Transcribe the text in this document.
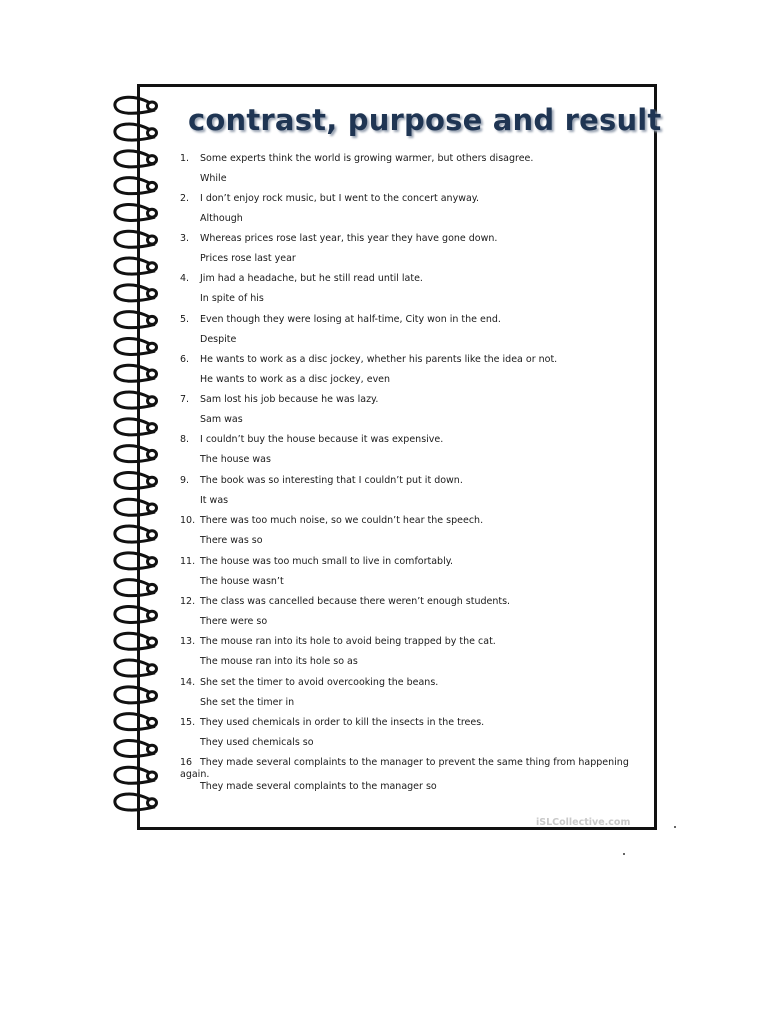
contrast, purpose and result
1. Some experts think the world is growing warmer, but others disagree.
While
2. I don’t enjoy rock music, but I went to the concert anyway.
Although
3. Whereas prices rose last year, this year they have gone down.
Prices rose last year
4. Jim had a headache, but he still read until late.
In spite of his
5. Even though they were losing at half-time, City won in the end.
Despite
6. He wants to work as a disc jockey, whether his parents like the idea or not.
He wants to work as a disc jockey, even
7. Sam lost his job because he was lazy.
Sam was
8. I couldn’t buy the house because it was expensive.
The house was
9. The book was so interesting that I couldn’t put it down.
It was
10. There was too much noise, so we couldn’t hear the speech.
There was so
11. The house was too much small to live in comfortably.
The house wasn’t
12. The class was cancelled because there weren’t enough students.
There were so
13. The mouse ran into its hole to avoid being trapped by the cat.
The mouse ran into its hole so as
14. She set the timer to avoid overcooking the beans.
She set the timer in
15. They used chemicals in order to kill the insects in the trees.
They used chemicals so
16 They made several complaints to the manager to prevent the same thing from happening again.
They made several complaints to the manager so
iSLCollective.com
